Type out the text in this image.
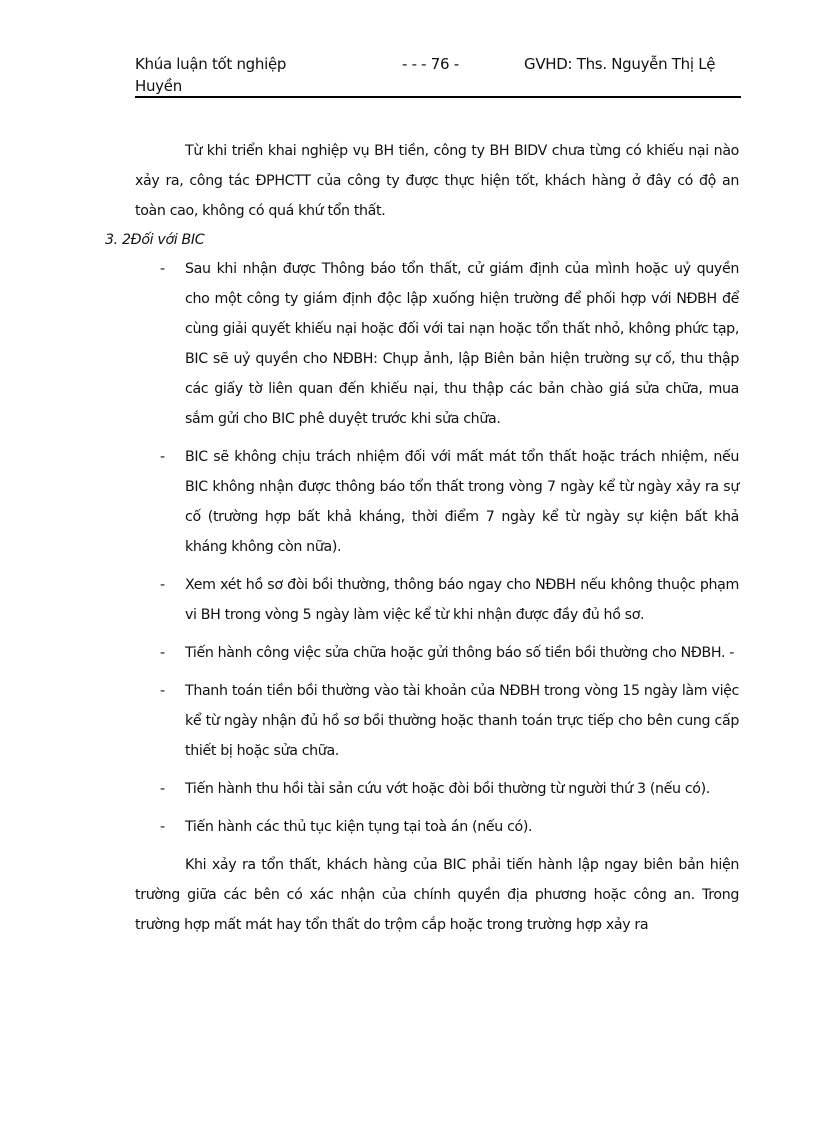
Khúa luận tốt nghiệp	- - - 76 -	GVHD: Ths. Nguyễn Thị Lệ
Huyền

Từ khi triển khai nghiệp vụ BH tiền, công ty BH BIDV chưa từng có khiếu nại nào xảy ra, công tác ĐPHCTT của công ty được thực hiện tốt, khách hàng ở đây có độ an toàn cao, không có quá khứ tổn thất.

3. 2Đối với BIC
- Sau khi nhận được Thông báo tổn thất, cử giám định của mình hoặc uỷ quyền cho một công ty giám định độc lập xuống hiện trường để phối hợp với NĐBH để cùng giải quyết khiếu nại hoặc đối với tai nạn hoặc tổn thất nhỏ, không phức tạp, BIC sẽ uỷ quyền cho NĐBH: Chụp ảnh, lập Biên bản hiện trường sự cố, thu thập các giấy tờ liên quan đến khiếu nại, thu thập các bản chào giá sửa chữa, mua sắm gửi cho BIC phê duyệt trước khi sửa chữa.
- BIC sẽ không chịu trách nhiệm đối với mất mát tổn thất hoặc trách nhiệm, nếu BIC không nhận được thông báo tổn thất trong vòng 7 ngày kể từ ngày xảy ra sự cố (trường hợp bất khả kháng, thời điểm 7 ngày kể từ ngày sự kiện bất khả kháng không còn nữa).
- Xem xét hồ sơ đòi bồi thường, thông báo ngay cho NĐBH nếu không thuộc phạm vi BH trong vòng 5 ngày làm việc kể từ khi nhận được đầy đủ hồ sơ.
- Tiến hành công việc sửa chữa hoặc gửi thông báo số tiền bồi thường cho NĐBH. -
- Thanh toán tiền bồi thường vào tài khoản của NĐBH trong vòng 15 ngày làm việc kể từ ngày nhận đủ hồ sơ bồi thường hoặc thanh toán trực tiếp cho bên cung cấp thiết bị hoặc sửa chữa.
- Tiến hành thu hồi tài sản cứu vớt hoặc đòi bồi thường từ người thứ 3 (nếu có).
- Tiến hành các thủ tục kiện tụng tại toà án (nếu có).

Khi xảy ra tổn thất, khách hàng của BIC phải tiến hành lập ngay biên bản hiện trường giữa các bên có xác nhận của chính quyền địa phương hoặc công an. Trong trường hợp mất mát hay tổn thất do trộm cắp hoặc trong trường hợp xảy ra
